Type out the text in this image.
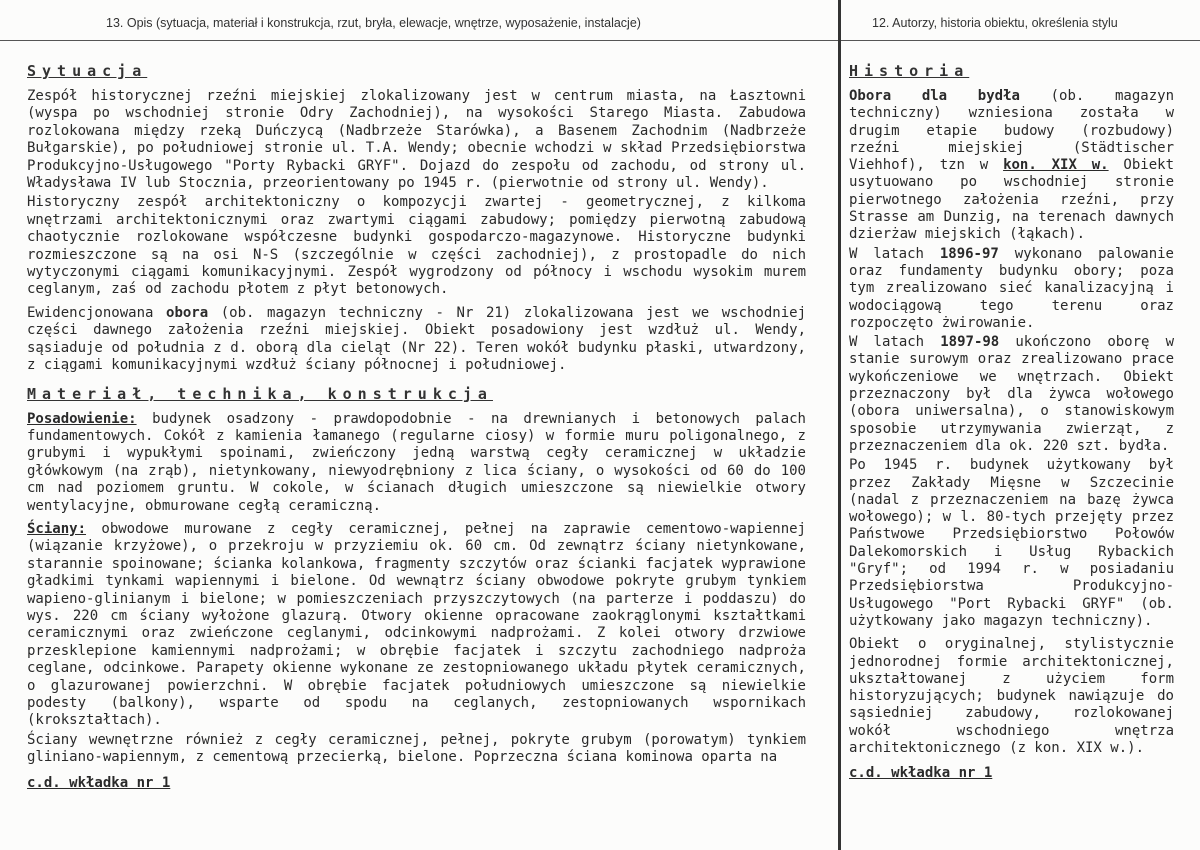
13. Opis (sytuacja, materiał i konstrukcja, rzut, bryła, elewacje, wnętrze, wyposażenie, instalacje)	12. Autorzy, historia obiektu, określenia stylu
Sytuacja

Zespół historycznej rzeźni miejskiej zlokalizowany jest w centrum miasta, na Łasztowni (wyspa po wschodniej stronie Odry Zachodniej), na wysokości Starego Miasta. Zabudowa rozlokowana między rzeką Duńczycą (Nadbrzeże Starówka), a Basenem Zachodnim (Nadbrzeże Bułgarskie), po południowej stronie ul. T.A. Wendy; obecnie wchodzi w skład Przedsiębiorstwa Produkcyjno-Usługowego "Porty Rybacki GRYF". Dojazd do zespołu od zachodu, od strony ul. Władysława IV lub Stocznia, przeorientowany po 1945 r. (pierwotnie od strony ul. Wendy).

Historyczny zespół architektoniczny o kompozycji zwartej - geometrycznej, z kilkoma wnętrzami architektonicznymi oraz zwartymi ciągami zabudowy; pomiędzy pierwotną zabudową chaotycznie rozlokowane współczesne budynki gospodarczo-magazynowe. Historyczne budynki rozmieszczone są na osi N-S (szczególnie w części zachodniej), z prostopadle do nich wytyczonymi ciągami komunikacyjnymi. Zespół wygrodzony od północy i wschodu wysokim murem ceglanym, zaś od zachodu płotem z płyt betonowych.

Ewidencjonowana obora (ob. magazyn techniczny - Nr 21) zlokalizowana jest we wschodniej części dawnego założenia rzeźni miejskiej. Obiekt posadowiony jest wzdłuż ul. Wendy, sąsiaduje od południa z d. oborą dla cieląt (Nr 22). Teren wokół budynku płaski, utwardzony, z ciągami komunikacyjnymi wzdłuż ściany północnej i południowej.

Materiał, technika, konstrukcja

Posadowienie: budynek osadzony - prawdopodobnie - na drewnianych i betonowych palach fundamentowych. Cokół z kamienia łamanego (regularne ciosy) w formie muru poligonalnego, z grubymi i wypukłymi spoinami, zwieńczony jedną warstwą cegły ceramicznej w układzie główkowym (na zrąb), nietynkowany, niewyodrębniony z lica ściany, o wysokości od 60 do 100 cm nad poziomem gruntu. W cokole, w ścianach długich umieszczone są niewielkie otwory wentylacyjne, obmurowane cegłą ceramiczną.

Ściany: obwodowe murowane z cegły ceramicznej, pełnej na zaprawie cementowo-wapiennej (wiązanie krzyżowe), o przekroju w przyziemiu ok. 60 cm. Od zewnątrz ściany nietynkowane, starannie spoinowane; ścianka kolankowa, fragmenty szczytów oraz ścianki facjatek wyprawione gładkimi tynkami wapiennymi i bielone. Od wewnątrz ściany obwodowe pokryte grubym tynkiem wapieno-glinianym i bielone; w pomieszczeniach przyszczytowych (na parterze i poddaszu) do wys. 220 cm ściany wyłożone glazurą. Otwory okienne opracowane zaokrąglonymi kształtkami ceramicznymi oraz zwieńczone ceglanymi, odcinkowymi nadprożami. Z kolei otwory drzwiowe przesklepione kamiennymi nadprożami; w obrębie facjatek i szczytu zachodniego nadproża ceglane, odcinkowe. Parapety okienne wykonane ze zestopniowanego układu płytek ceramicznych, o glazurowanej powierzchni. W obrębie facjatek południowych umieszczone są niewielkie podesty (balkony), wsparte od spodu na ceglanych, zestopniowanych wspornikach (krokształtach).

Ściany wewnętrzne również z cegły ceramicznej, pełnej, pokryte grubym (porowatym) tynkiem gliniano-wapiennym, z cementową przecierką, bielone. Poprzeczna ściana kominowa oparta na

c.d. wkładka nr 1
Historia

Obora dla bydła (ob. magazyn techniczny) wzniesiona została w drugim etapie budowy (rozbudowy) rzeźni miejskiej (Städtischer Viehhof), tzn w kon. XIX w. Obiekt usytuowano po wschodniej stronie pierwotnego założenia rzeźni, przy Strasse am Dunzig, na terenach dawnych dzierżaw miejskich (łąkach).

W latach 1896-97 wykonano palowanie oraz fundamenty budynku obory; poza tym zrealizowano sieć kanalizacyjną i wodociągową tego terenu oraz rozpoczęto żwirowanie.

W latach 1897-98 ukończono oborę w stanie surowym oraz zrealizowano prace wykończeniowe we wnętrzach. Obiekt przeznaczony był dla żywca wołowego (obora uniwersalna), o stanowiskowym sposobie utrzymywania zwierząt, z przeznaczeniem dla ok. 220 szt. bydła.

Po 1945 r. budynek użytkowany był przez Zakłady Mięsne w Szczecinie (nadal z przeznaczeniem na bazę żywca wołowego); w l. 80-tych przejęty przez Państwowe Przedsiębiorstwo Połowów Dalekomorskich i Usług Rybackich "Gryf"; od 1994 r. w posiadaniu Przedsiębiorstwa Produkcyjno-Usługowego "Port Rybacki GRYF" (ob. użytkowany jako magazyn techniczny).

Obiekt o oryginalnej, stylistycznie jednorodnej formie architektonicznej, ukształtowanej z użyciem form historyzujących; budynek nawiązuje do sąsiedniej zabudowy, rozlokowanej wokół wschodniego wnętrza architektonicznego (z kon. XIX w.).

c.d. wkładka nr 1
